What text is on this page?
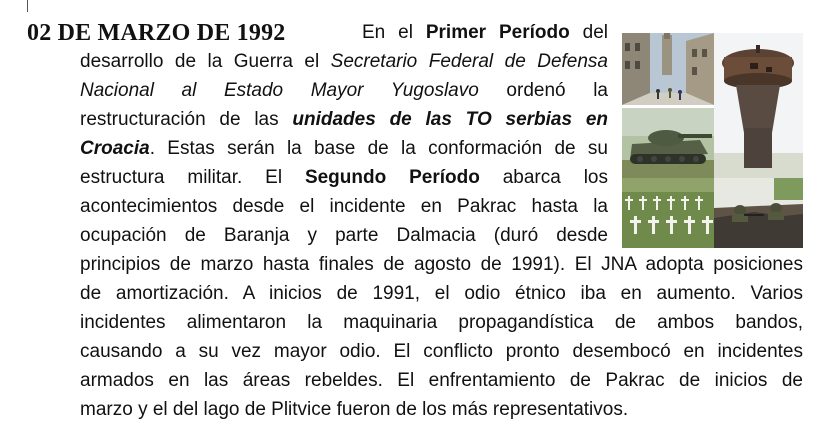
02 DE MARZO DE 1992	En el Primer Período del
desarrollo de la Guerra el Secretario Federal de Defensa
Nacional al Estado Mayor Yugoslavo ordenó la
restructuración de las unidades de las TO serbias en
Croacia. Estas serán la base de la conformación de su
estructura militar. El Segundo Período abarca los
acontecimientos desde el incidente en Pakrac hasta la
ocupación de Baranja y parte Dalmacia (duró desde
principios de marzo hasta finales de agosto de 1991). El JNA adopta posiciones
de amortización. A inicios de 1991, el odio étnico iba en aumento. Varios
incidentes alimentaron la maquinaria propagandística de ambos bandos,
causando a su vez mayor odio. El conflicto pronto desembocó en incidentes
armados en las áreas rebeldes. El enfrentamiento de Pakrac de inicios de
marzo y el del lago de Plitvice fueron de los más representativos.
